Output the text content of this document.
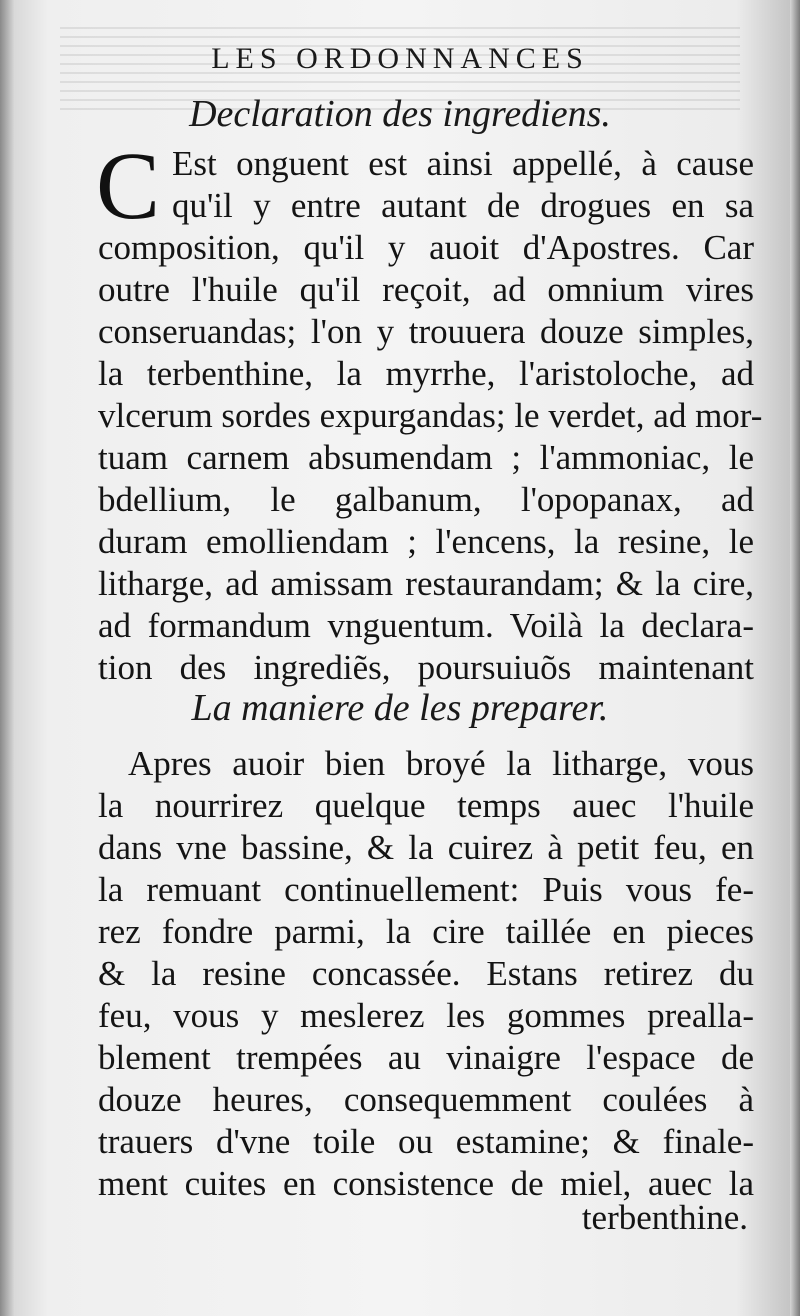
LES ORDONNANCES
Declaration des ingrediens.
C Est onguent est ainsi appellé, à cause
qu'il y entre autant de drogues en sa
composition, qu'il y auoit d'Apostres. Car
outre l'huile qu'il reçoit, ad omnium vires
conseruandas; l'on y trouuera douze simples,
la terbenthine, la myrrhe, l'aristoloche, ad
vlcerum sordes expurgandas; le verdet, ad mor-
tuam carnem absumendam ; l'ammoniac, le
bdellium, le galbanum, l'opopanax, ad
duram emolliendam ; l'encens, la resine, le
litharge, ad amissam restaurandam; & la cire,
ad formandum vnguentum. Voilà la declara-
tion des ingrediẽs, poursuiuõs maintenant
La maniere de les preparer.
Apres auoir bien broyé la litharge, vous
la nourrirez quelque temps auec l'huile
dans vne bassine, & la cuirez à petit feu, en
la remuant continuellement: Puis vous fe-
rez fondre parmi, la cire taillée en pieces
& la resine concassée. Estans retirez du
feu, vous y meslerez les gommes prealla-
blement trempées au vinaigre l'espace de
douze heures, consequemment coulées à
trauers d'vne toile ou estamine; & finale-
ment cuites en consistence de miel, auec la
terbenthine.
